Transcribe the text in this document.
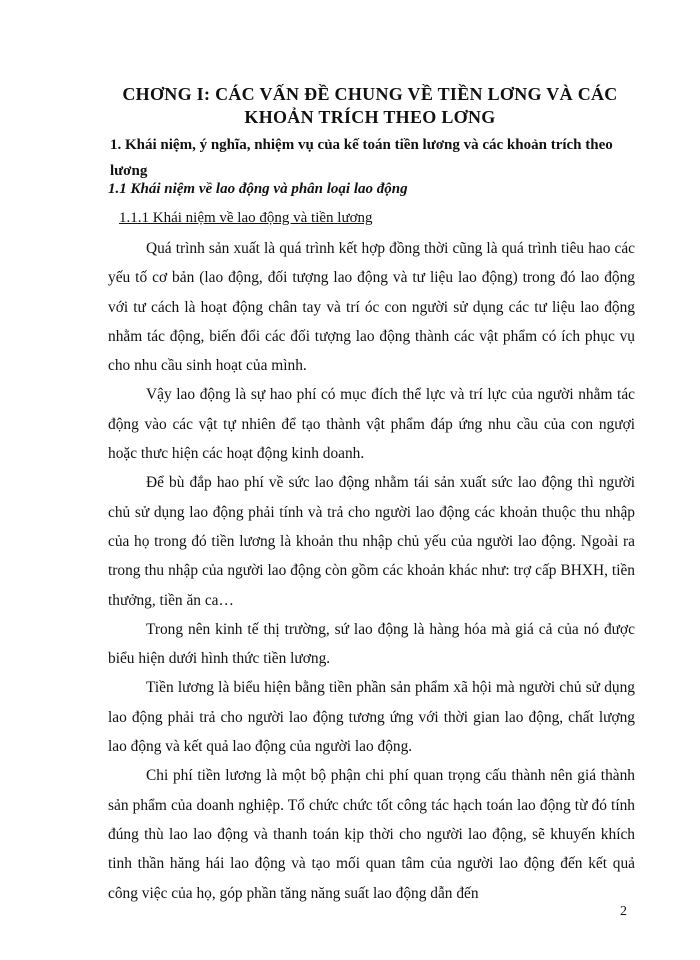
CHƠNG I: CÁC VẤN ĐỀ CHUNG VỀ TIỀN LƠNG VÀ CÁC
KHOẢN TRÍCH THEO LƠNG
1. Khái niệm, ý nghĩa, nhiệm vụ của kế toán tiền lương và các khoản trích theo lương
1.1 Khái niệm về lao động và phân loại lao động
1.1.1 Khái niệm về lao động và tiền lương

Quá trình sản xuất là quá trình kết hợp đồng thời cũng là quá trình tiêu hao các yếu tố cơ bản (lao động, đối tượng lao động và tư liệu lao động) trong đó lao động với tư cách là hoạt động chân tay và trí óc con người sử dụng các tư liệu lao động nhằm tác động, biến đổi các đối tượng lao động thành các vật phẩm có ích phục vụ cho nhu cầu sinh hoạt của mình.

Vậy lao động là sự hao phí có mục đích thể lực và trí lực của người nhằm tác động vào các vật tự nhiên để tạo thành vật phẩm đáp ứng nhu cầu của con ngượi hoặc thưc hiện các hoạt động kinh doanh.

Để bù đắp hao phí về sức lao động nhằm tái sản xuất sức lao động thì người chủ sử dụng lao động phải tính và trả cho người lao động các khoản thuộc thu nhập của họ trong đó tiền lương là khoản thu nhập chủ yếu của người lao động. Ngoài ra trong thu nhập của người lao động còn gồm các khoản khác như: trợ cấp BHXH, tiền thưởng, tiền ăn ca…

Trong nên kinh tế thị trường, sứ lao động là hàng hóa mà giá cả của nó được biểu hiện dưới hình thức tiền lương.

Tiền lương là biểu hiện bằng tiền phần sản phẩm xã hội mà người chủ sử dụng lao động phải trả cho người lao động tương ứng với thời gian lao động, chất lượng lao động và kết quả lao động của người lao động.

Chi phí tiền lương là một bộ phận chi phí quan trọng cấu thành nên giá thành sản phẩm của doanh nghiệp. Tổ chức chức tốt công tác hạch toán lao động từ đó tính đúng thù lao lao động và thanh toán kịp thời cho người lao động, sẽ khuyến khích tinh thần hăng hái lao động và tạo mối quan tâm của người lao động đến kết quả công việc của họ, góp phần tăng năng suất lao động dẫn đến

2
